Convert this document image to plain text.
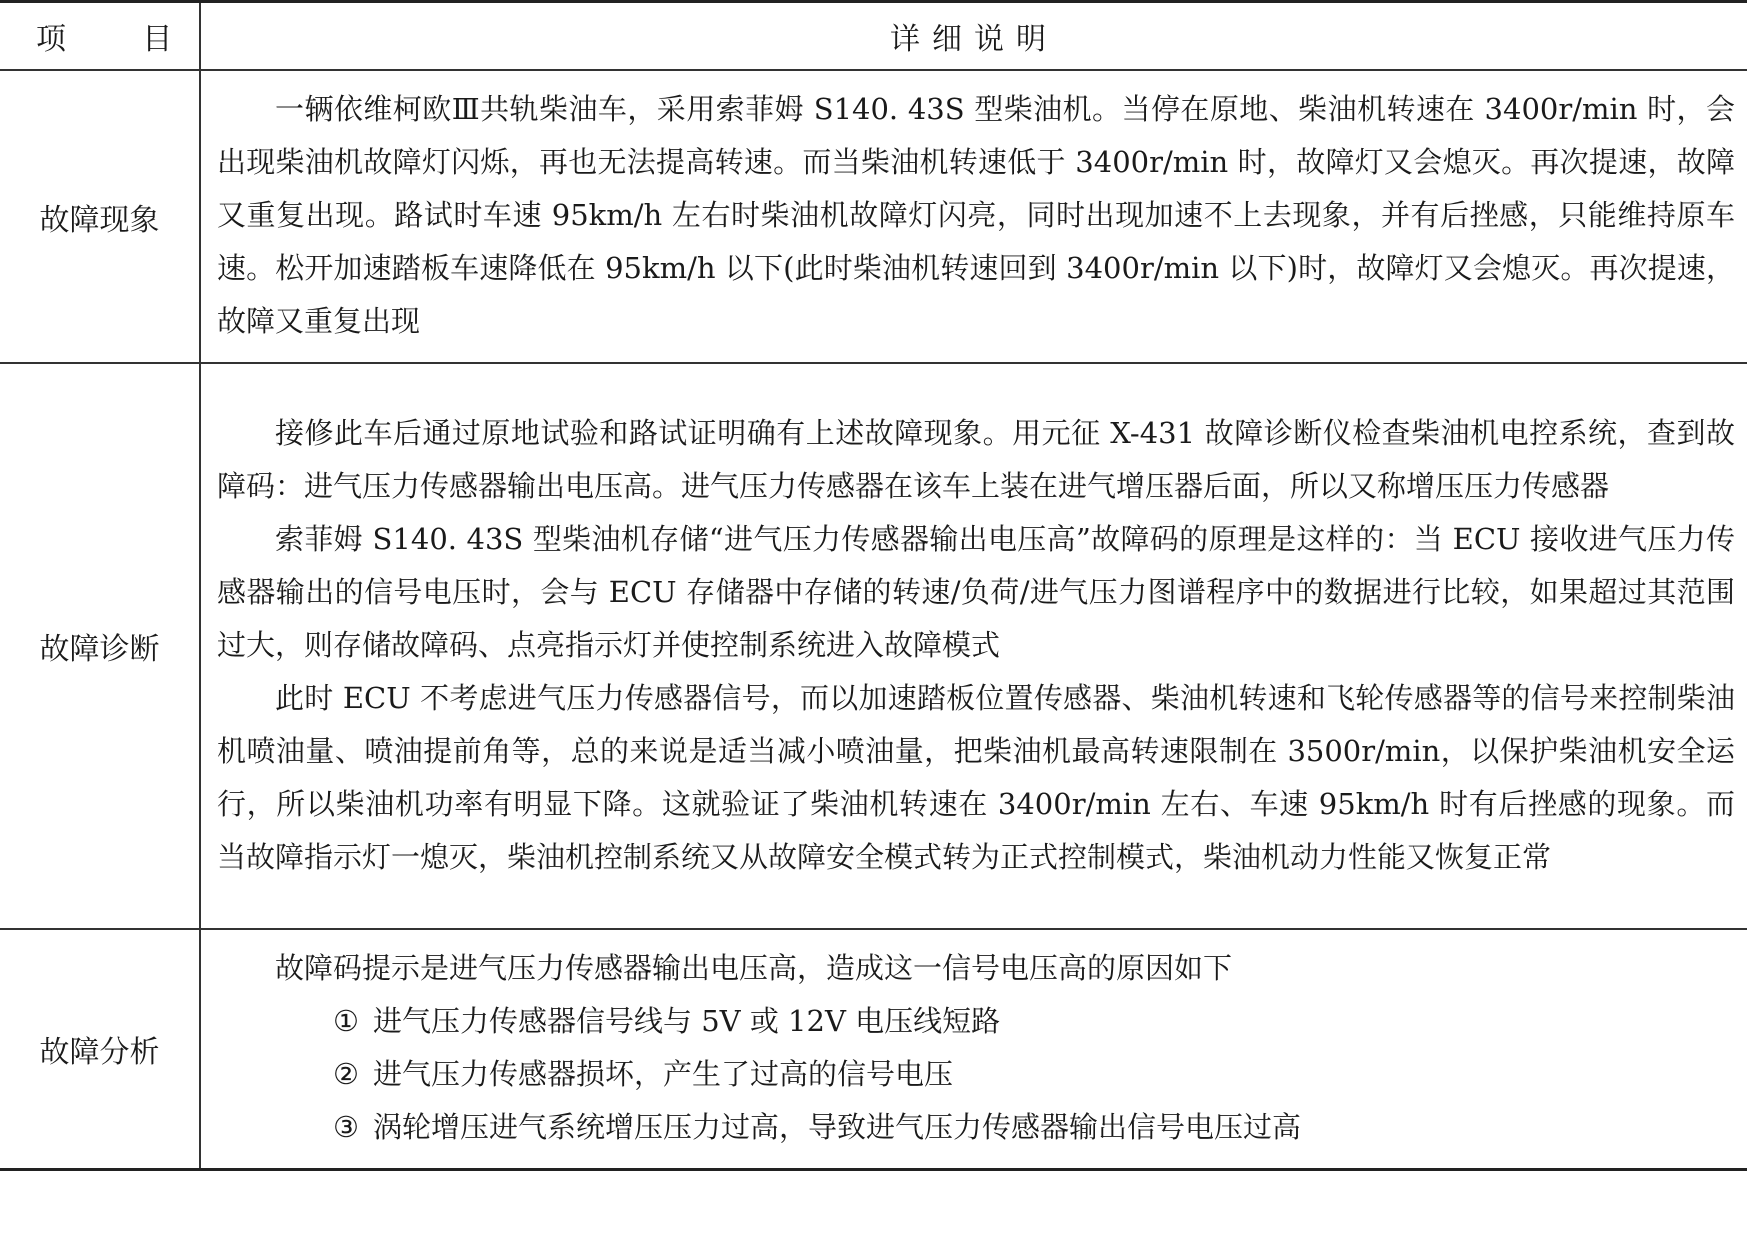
项        目	详细说明
故障现象	一辆依维柯欧Ⅲ共轨柴油车，采用索菲姆 S140. 43S 型柴油机。当停在原地、柴油机转速在 3400r/min 时，会出现柴油机故障灯闪烁，再也无法提高转速。而当柴油机转速低于 3400r/min 时，故障灯又会熄灭。再次提速，故障又重复出现。路试时车速 95km/h 左右时柴油机故障灯闪亮，同时出现加速不上去现象，并有后挫感，只能维持原车速。松开加速踏板车速降低在 95km/h 以下(此时柴油机转速回到 3400r/min 以下)时，故障灯又会熄灭。再次提速，故障又重复出现

故障诊断	接修此车后通过原地试验和路试证明确有上述故障现象。用元征 X-431 故障诊断仪检查柴油机电控系统，查到故障码：进气压力传感器输出电压高。进气压力传感器在该车上装在进气增压器后面，所以又称增压压力传感器

索菲姆 S140. 43S 型柴油机存储“进气压力传感器输出电压高”故障码的原理是这样的：当 ECU 接收进气压力传感器输出的信号电压时，会与 ECU 存储器中存储的转速/负荷/进气压力图谱程序中的数据进行比较，如果超过其范围过大，则存储故障码、点亮指示灯并使控制系统进入故障模式

此时 ECU 不考虑进气压力传感器信号，而以加速踏板位置传感器、柴油机转速和飞轮传感器等的信号来控制柴油机喷油量、喷油提前角等，总的来说是适当减小喷油量，把柴油机最高转速限制在 3500r/min，以保护柴油机安全运行，所以柴油机功率有明显下降。这就验证了柴油机转速在 3400r/min 左右、车速 95km/h 时有后挫感的现象。而当故障指示灯一熄灭，柴油机控制系统又从故障安全模式转为正式控制模式，柴油机动力性能又恢复正常

故障分析	故障码提示是进气压力传感器输出电压高，造成这一信号电压高的原因如下

① 进气压力传感器信号线与 5V 或 12V 电压线短路

② 进气压力传感器损坏，产生了过高的信号电压

③ 涡轮增压进气系统增压压力过高，导致进气压力传感器输出信号电压过高
